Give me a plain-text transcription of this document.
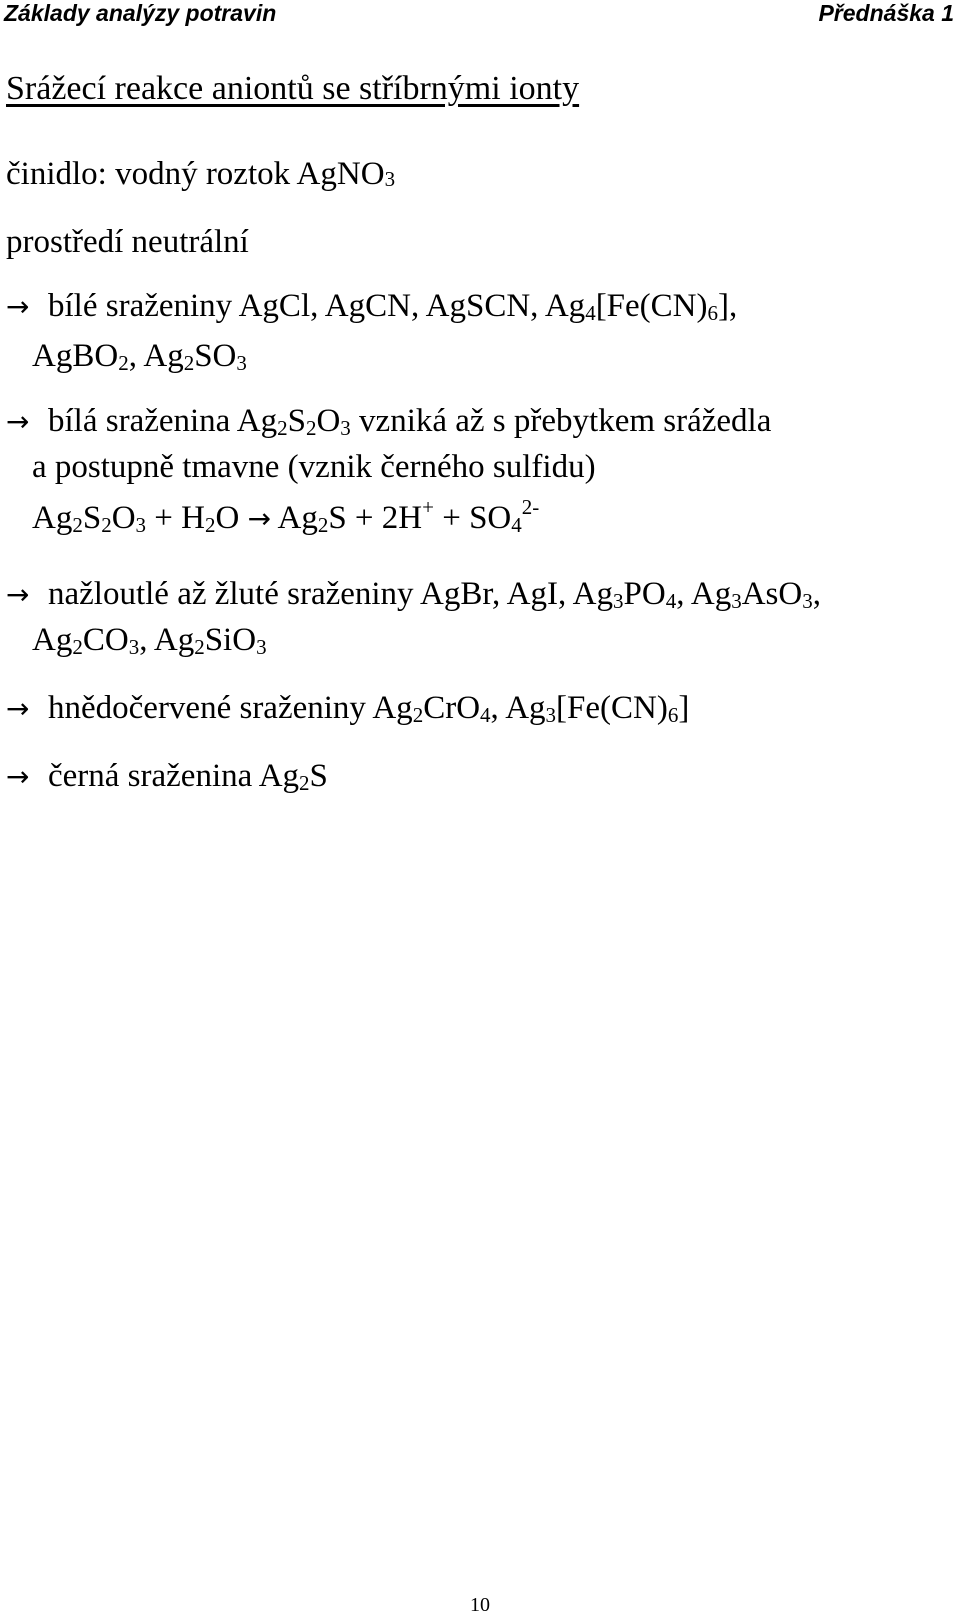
Základy analýzy potravin	Přednáška 1
Srážecí reakce aniontů se stříbrnými ionty
činidlo: vodný roztok AgNO3
prostředí neutrální
→ bílé sraženiny AgCl, AgCN, AgSCN, Ag4[Fe(CN)6],
AgBO2, Ag2SO3
→ bílá sraženina Ag2S2O3 vzniká až s přebytkem srážedla
a postupně tmavne (vznik černého sulfidu)
$Ag2S2O3 + H2O \to Ag2S + 2H^+ + SO4^{2-}$
→ nažloutlé až žluté sraženiny AgBr, AgI, Ag3PO4, Ag3AsO3,
Ag2CO3, Ag2SiO3
→ hnědočervené sraženiny Ag2CrO4, Ag3[Fe(CN)6]
→ černá sraženina Ag2S
10
